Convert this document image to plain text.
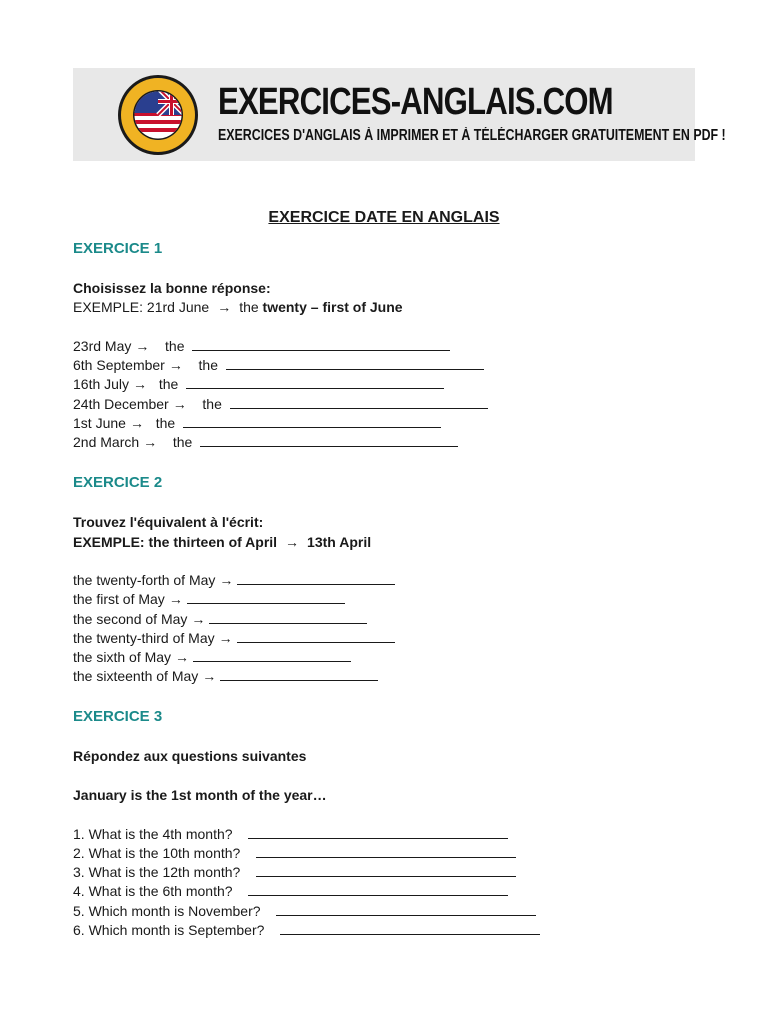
EXERCICES-ANGLAIS.COM
EXERCICES D'ANGLAIS À IMPRIMER ET À TÉLÉCHARGER GRATUITEMENT EN PDF !
EXERCICE DATE EN ANGLAIS
EXERCICE 1
Choisissez la bonne réponse:
EXEMPLE: 21rd June → the twenty – first of June
23rd May → the
6th September → the
16th July → the
24th December → the
1st June → the
2nd March → the
EXERCICE 2
Trouvez l'équivalent à l'écrit:
EXEMPLE: the thirteen of April → 13th April
the twenty-forth of May →
the first of May →
the second of May →
the twenty-third of May →
the sixth of May →
the sixteenth of May →
EXERCICE 3
Répondez aux questions suivantes
January is the 1st month of the year…
1. What is the 4th month?
2. What is the 10th month?
3. What is the 12th month?
4. What is the 6th month?
5. Which month is November?
6. Which month is September?
